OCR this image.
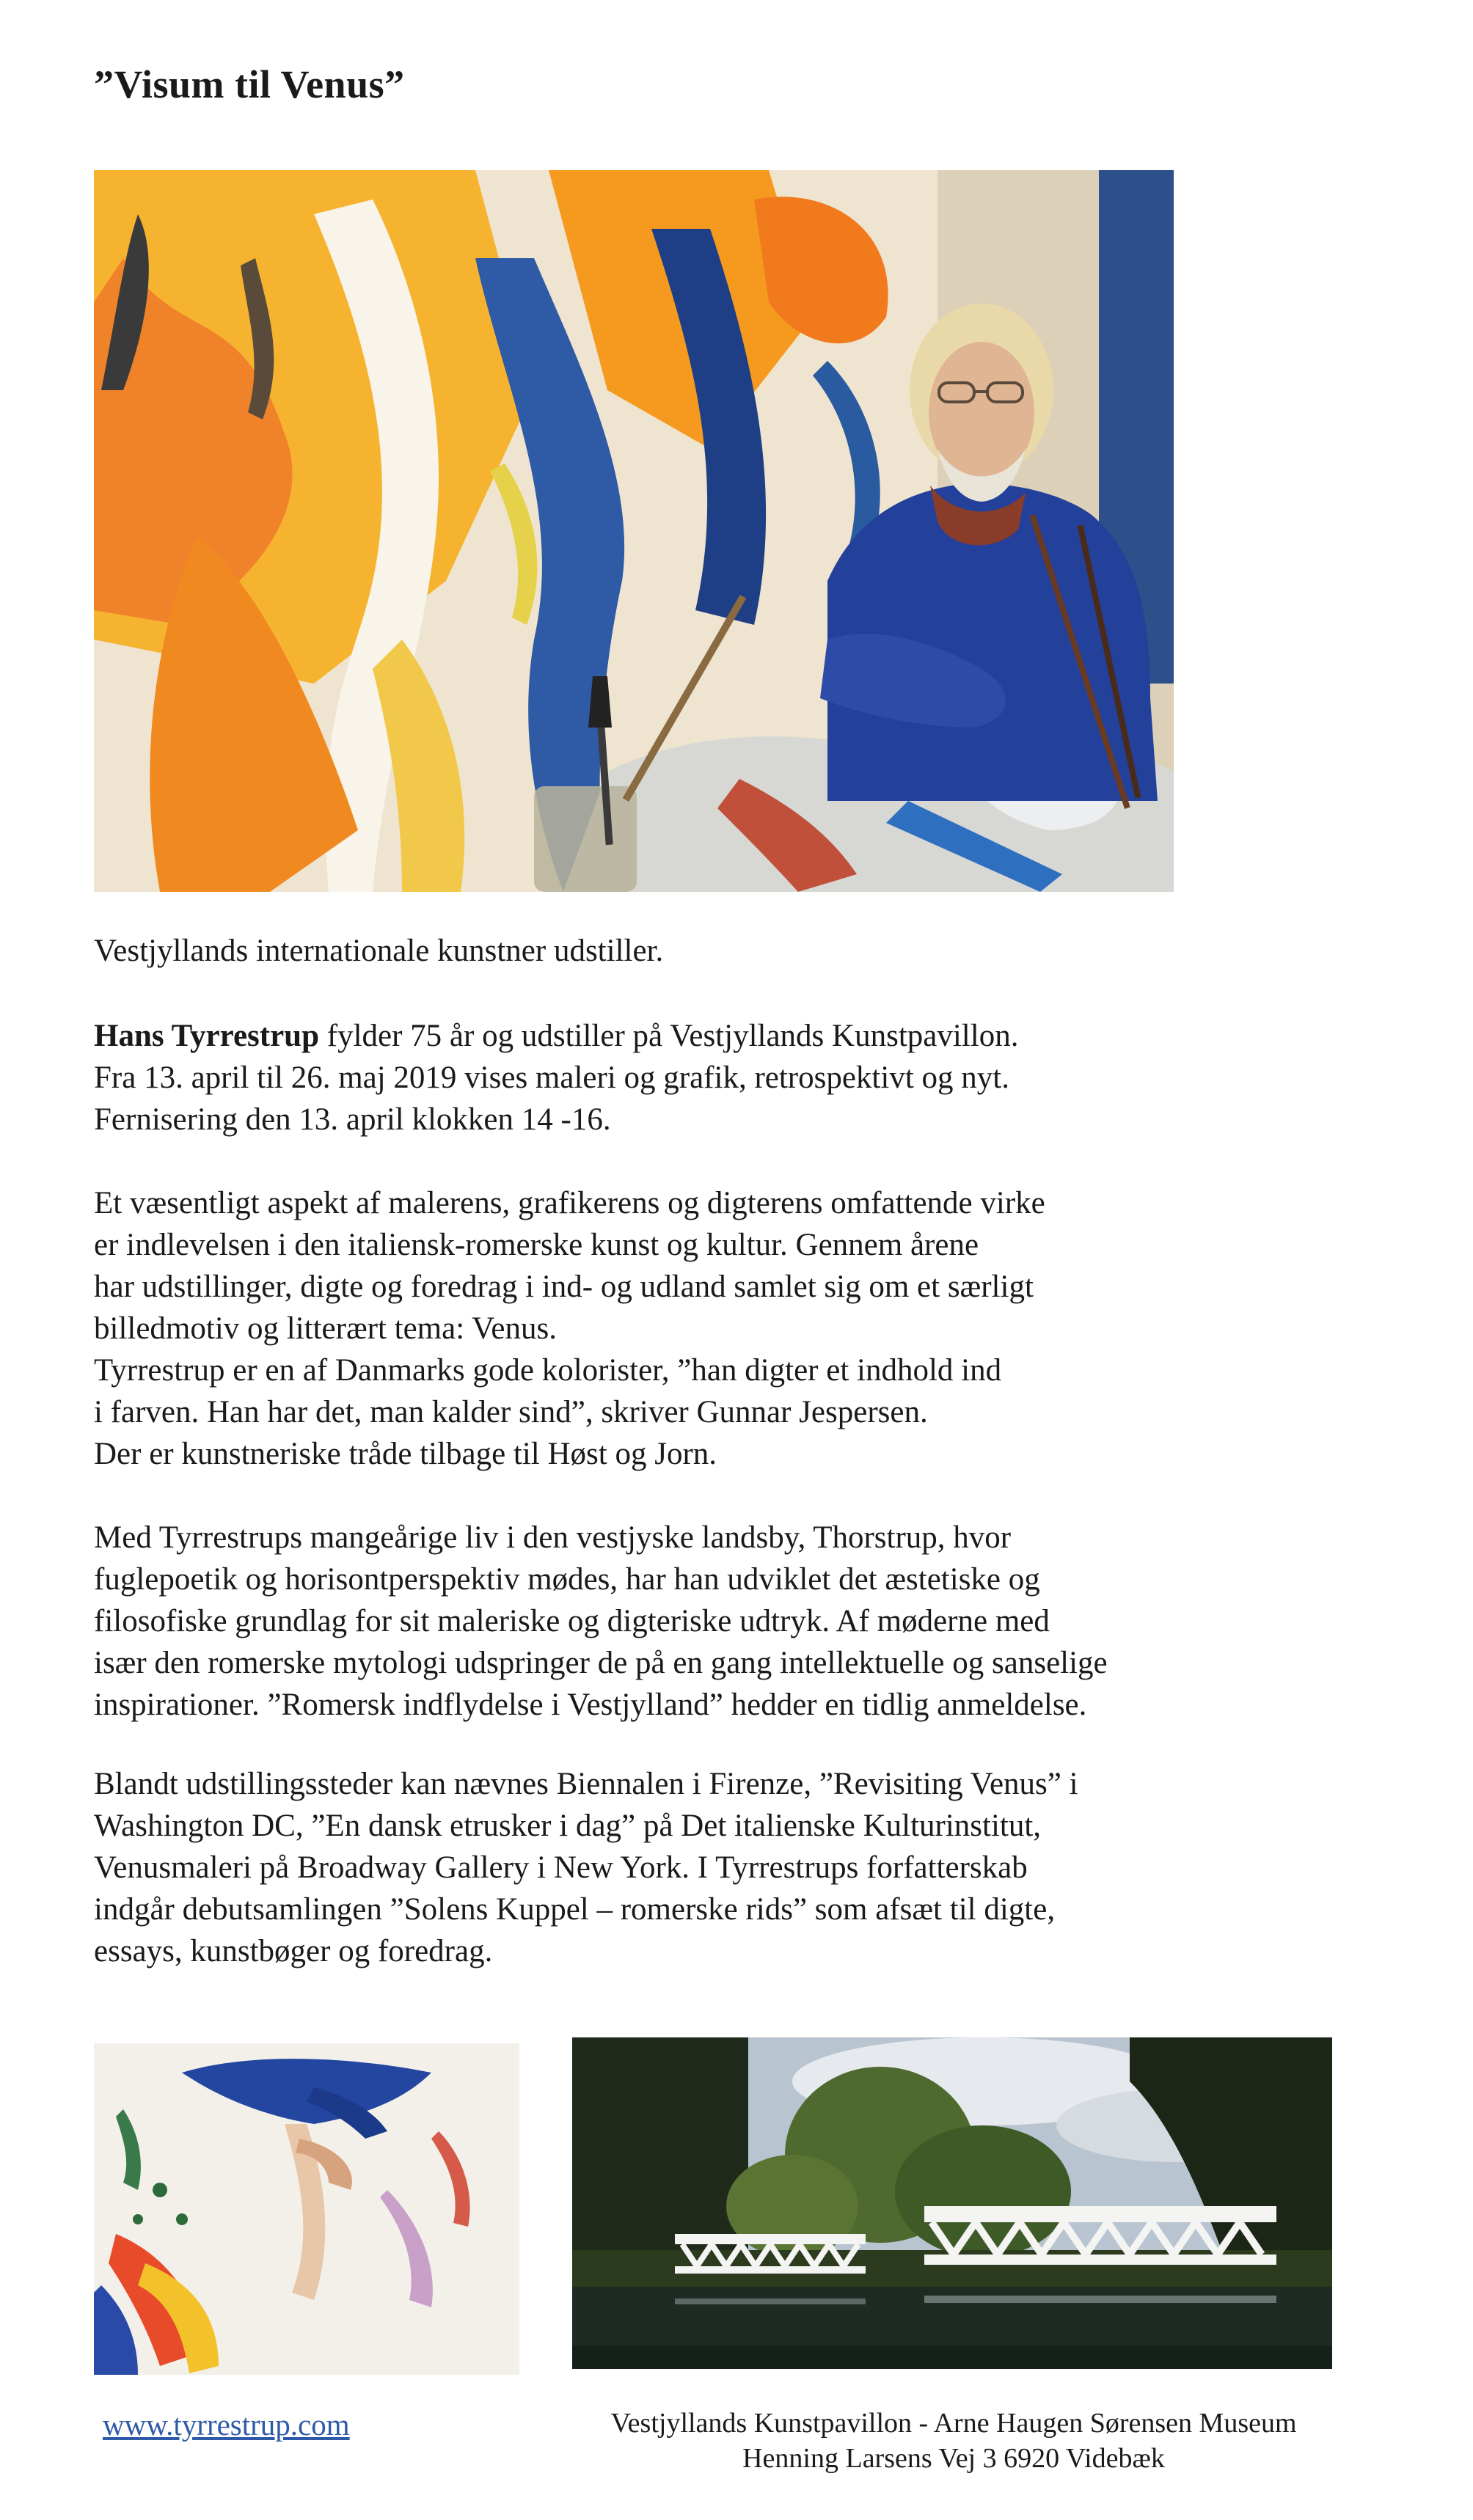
”Visum til Venus”

Vestjyllands internationale kunstner udstiller.

Hans Tyrrestrup fylder 75 år og udstiller på Vestjyllands Kunstpavillon.
Fra 13. april til 26. maj 2019 vises maleri og grafik, retrospektivt og nyt.
Fernisering den 13. april klokken 14 -16.

Et væsentligt aspekt af malerens, grafikerens og digterens omfattende virke
er indlevelsen i den italiensk-romerske kunst og kultur. Gennem årene
har udstillinger, digte og foredrag i ind- og udland samlet sig om et særligt
billedmotiv og litterært tema: Venus.
Tyrrestrup er en af Danmarks gode kolorister, ”han digter et indhold ind
i farven. Han har det, man kalder sind”, skriver Gunnar Jespersen.
Der er kunstneriske tråde tilbage til Høst og Jorn.

Med Tyrrestrups mangeårige liv i den vestjyske landsby, Thorstrup, hvor
fuglepoetik og horisontperspektiv mødes, har han udviklet det æstetiske og
filosofiske grundlag for sit maleriske og digteriske udtryk. Af møderne med
især den romerske mytologi udspringer de på en gang intellektuelle og sanselige
inspirationer. ”Romersk indflydelse i Vestjylland” hedder en tidlig anmeldelse.

Blandt udstillingssteder kan nævnes Biennalen i Firenze, ”Revisiting Venus” i
Washington DC, ”En dansk etrusker i dag” på Det italienske Kulturinstitut,
Venusmaleri på Broadway Gallery i New York. I Tyrrestrups forfatterskab
indgår debutsamlingen ”Solens Kuppel – romerske rids” som afsæt til digte,
essays, kunstbøger og foredrag.

www.tyrrestrup.com	Vestjyllands Kunstpavillon - Arne Haugen Sørensen Museum
Henning Larsens Vej 3 6920 Videbæk
